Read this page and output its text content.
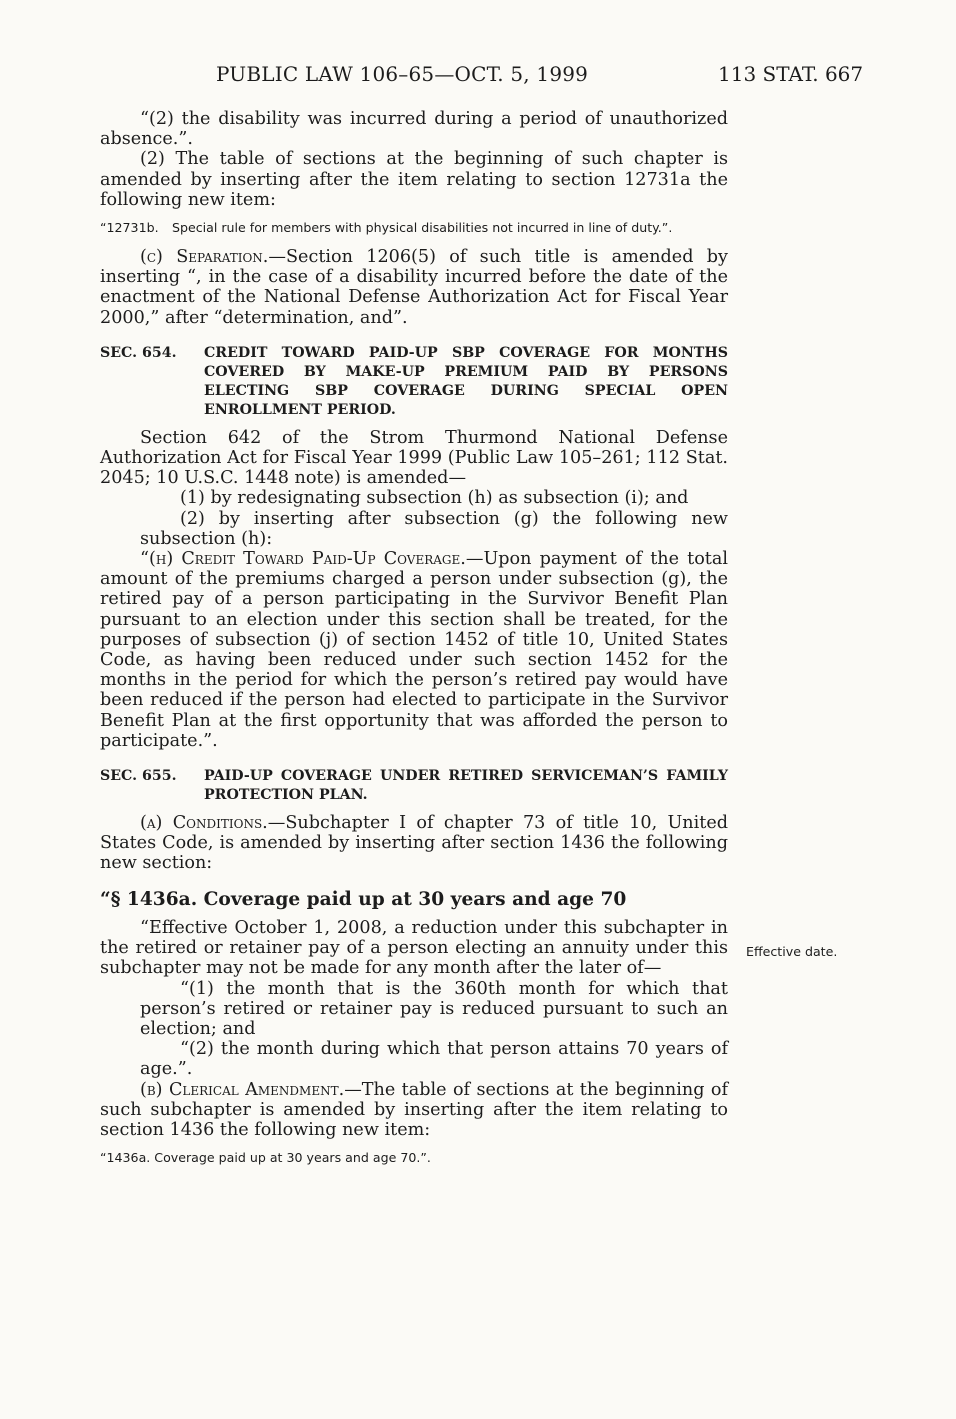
PUBLIC LAW 106–65—OCT. 5, 1999	113 STAT. 667

“(2) the disability was incurred during a period of unauthorized absence.”.

(2) The table of sections at the beginning of such chapter is amended by inserting after the item relating to section 12731a the following new item:

“12731b.	Special rule for members with physical disabilities not incurred in line of duty.”.

(c) Separation.—Section 1206(5) of such title is amended by inserting “, in the case of a disability incurred before the date of the enactment of the National Defense Authorization Act for Fiscal Year 2000,” after “determination, and”.

SEC. 654.	CREDIT TOWARD PAID-UP SBP COVERAGE FOR MONTHS COVERED BY MAKE-UP PREMIUM PAID BY PERSONS ELECTING SBP COVERAGE DURING SPECIAL OPEN ENROLLMENT PERIOD.

Section 642 of the Strom Thurmond National Defense Authorization Act for Fiscal Year 1999 (Public Law 105–261; 112 Stat. 2045; 10 U.S.C. 1448 note) is amended—

(1) by redesignating subsection (h) as subsection (i); and

(2) by inserting after subsection (g) the following new subsection (h):

“(h) Credit Toward Paid-Up Coverage.—Upon payment of the total amount of the premiums charged a person under subsection (g), the retired pay of a person participating in the Survivor Benefit Plan pursuant to an election under this section shall be treated, for the purposes of subsection (j) of section 1452 of title 10, United States Code, as having been reduced under such section 1452 for the months in the period for which the person’s retired pay would have been reduced if the person had elected to participate in the Survivor Benefit Plan at the first opportunity that was afforded the person to participate.”.

SEC. 655.	PAID-UP COVERAGE UNDER RETIRED SERVICEMAN’S FAMILY PROTECTION PLAN.

(a) Conditions.—Subchapter I of chapter 73 of title 10, United States Code, is amended by inserting after section 1436 the following new section:

“§ 1436a. Coverage paid up at 30 years and age 70

“Effective October 1, 2008, a reduction under this subchapter in the retired or retainer pay of a person electing an annuity under this subchapter may not be made for any month after the later of—

“(1) the month that is the 360th month for which that person’s retired or retainer pay is reduced pursuant to such an election; and

“(2) the month during which that person attains 70 years of age.”.

(b) Clerical Amendment.—The table of sections at the beginning of such subchapter is amended by inserting after the item relating to section 1436 the following new item:

“1436a. Coverage paid up at 30 years and age 70.”.
Effective date.
